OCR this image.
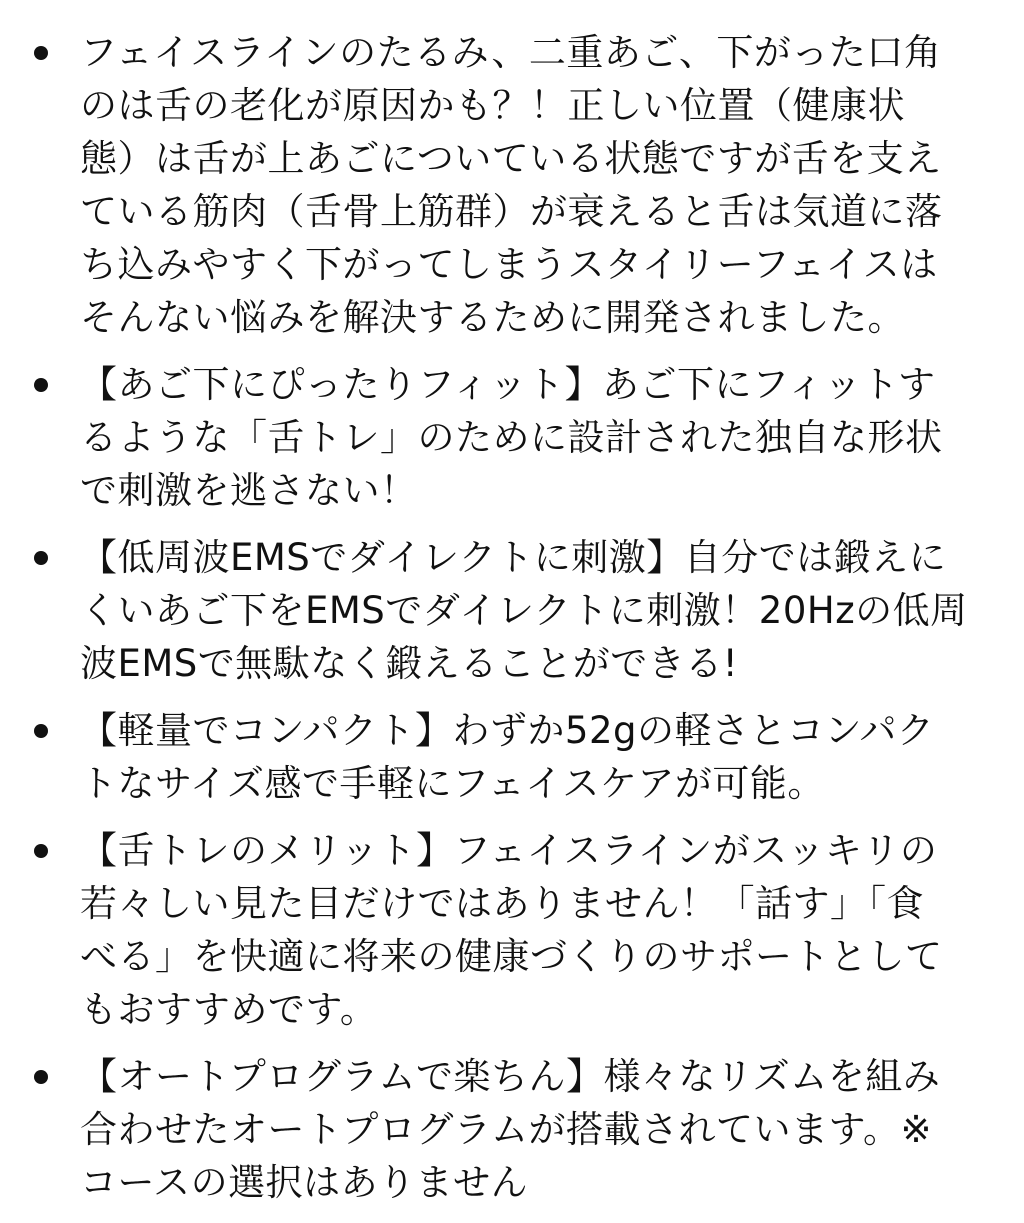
フェイスラインのたるみ、二重あご、下がった口角
のは舌の老化が原因かも？！正しい位置（健康状
態）は舌が上あごについている状態ですが舌を支え
ている筋肉（舌骨上筋群）が衰えると舌は気道に落
ち込みやすく下がってしまうスタイリーフェイスは
そんない悩みを解決するために開発されました。
【あご下にぴったりフィット】あご下にフィットす
るような「舌トレ」のために設計された独自な形状
で刺激を逃さない！
【低周波EMSでダイレクトに刺激】自分では鍛えに
くいあご下をEMSでダイレクトに刺激！20Hzの低周
波EMSで無駄なく鍛えることができる!
【軽量でコンパクト】わずか52gの軽さとコンパク
トなサイズ感で手軽にフェイスケアが可能。
【舌トレのメリット】フェイスラインがスッキリの
若々しい見た目だけではありません！「話す」「食
べる」を快適に将来の健康づくりのサポートとして
もおすすめです。
【オートプログラムで楽ちん】様々なリズムを組み
合わせたオートプログラムが搭載されています。※
コースの選択はありません
